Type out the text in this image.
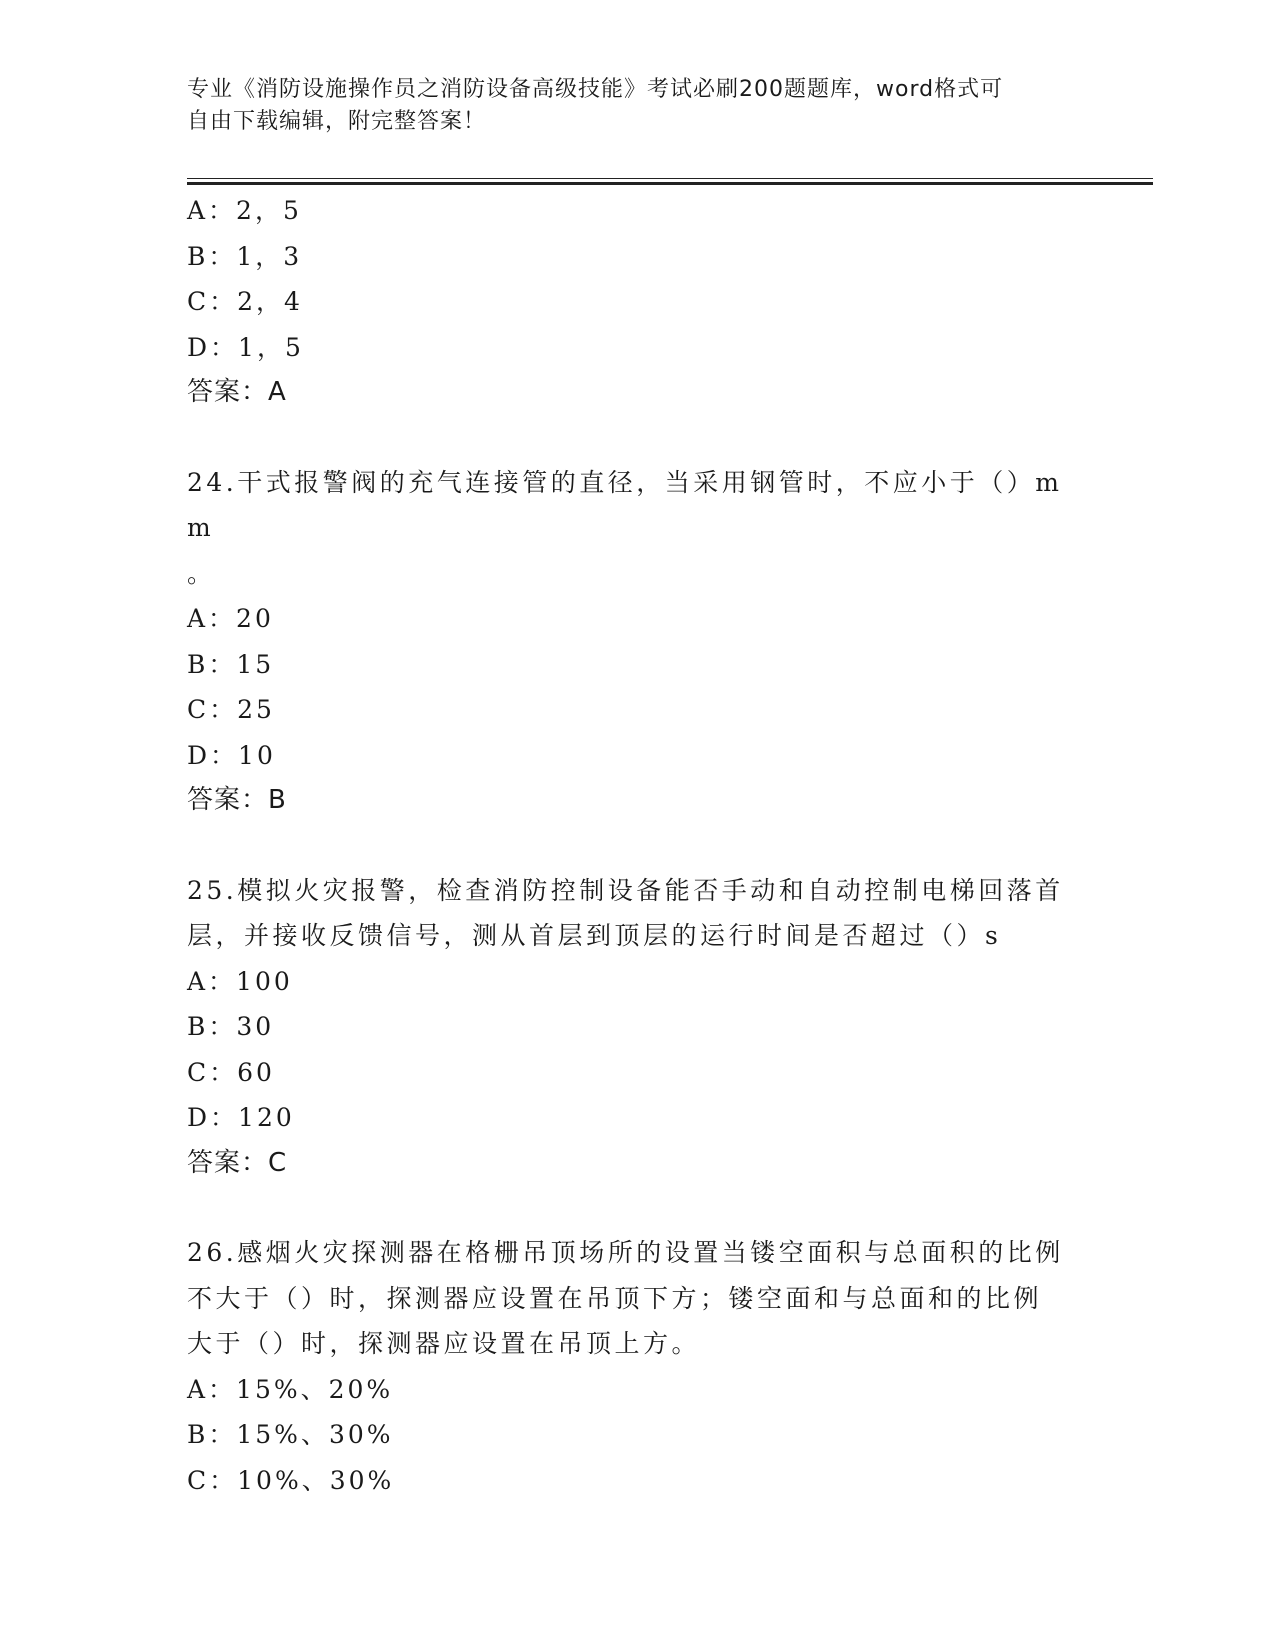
专业《消防设施操作员之消防设备高级技能》考试必刷200题题库，word格式可
自由下载编辑，附完整答案！
A：2，5
B：1，3
C：2，4
D：1，5
答案：A
24.干式报警阀的充气连接管的直径，当采用钢管时，不应小于（）mm
。
A：20
B：15
C：25
D：10
答案：B
25.模拟火灾报警，检查消防控制设备能否手动和自动控制电梯回落首
层，并接收反馈信号，测从首层到顶层的运行时间是否超过（）s
A：100
B：30
C：60
D：120
答案：C
26.感烟火灾探测器在格栅吊顶场所的设置当镂空面积与总面积的比例
不大于（）时，探测器应设置在吊顶下方；镂空面和与总面和的比例
大于（）时，探测器应设置在吊顶上方。
A：15%、20%
B：15%、30%
C：10%、30%
